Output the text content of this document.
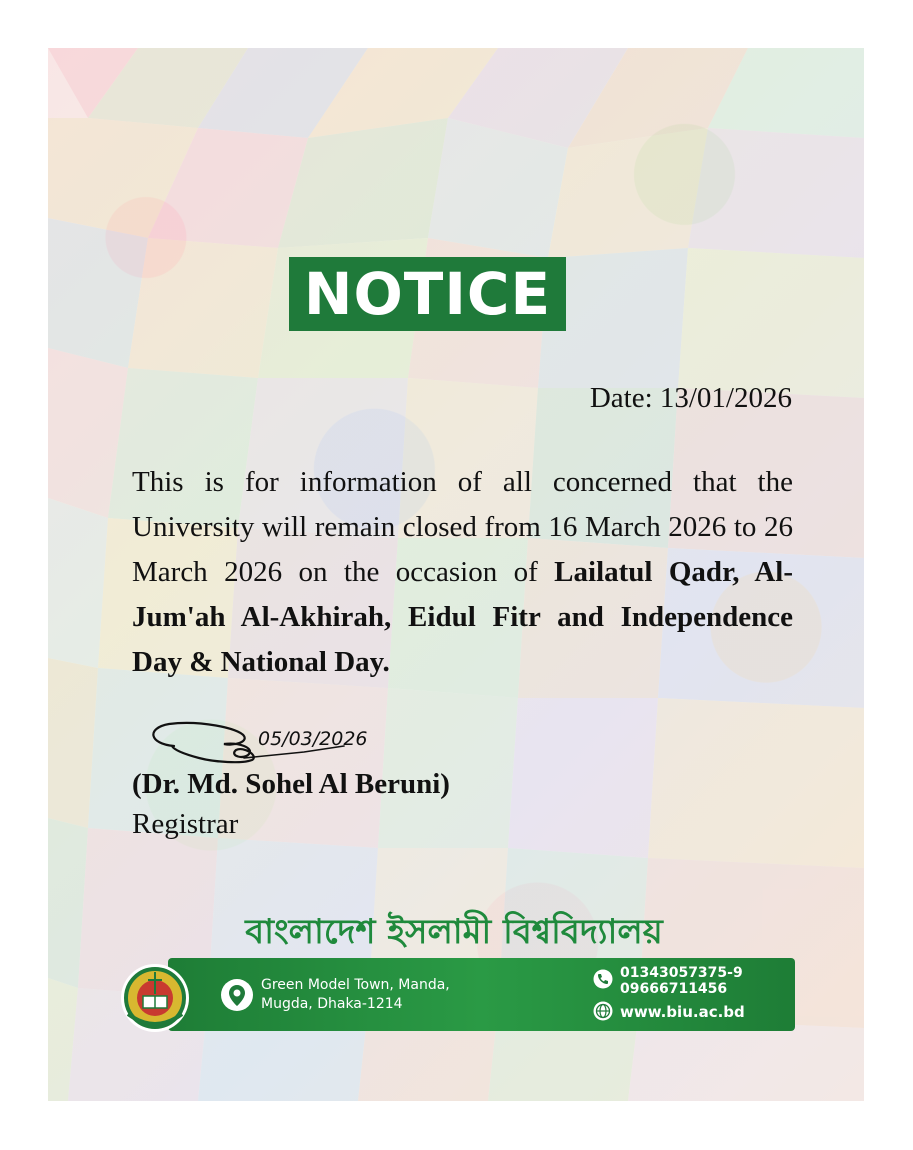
NOTICE
Date: 13/01/2026
This is for information of all concerned that the University will remain closed from 16 March 2026 to 26 March 2026 on the occasion of Lailatul Qadr, Al-Jum'ah Al-Akhirah, Eidul Fitr and Independence Day & National Day.
05/03/2026
(Dr. Md. Sohel Al Beruni)
Registrar
বাংলাদেশ ইসলামী বিশ্ববিদ্যালয়
Green Model Town, Manda,
Mugda, Dhaka-1214
01343057375-9
09666711456
www.biu.ac.bd
